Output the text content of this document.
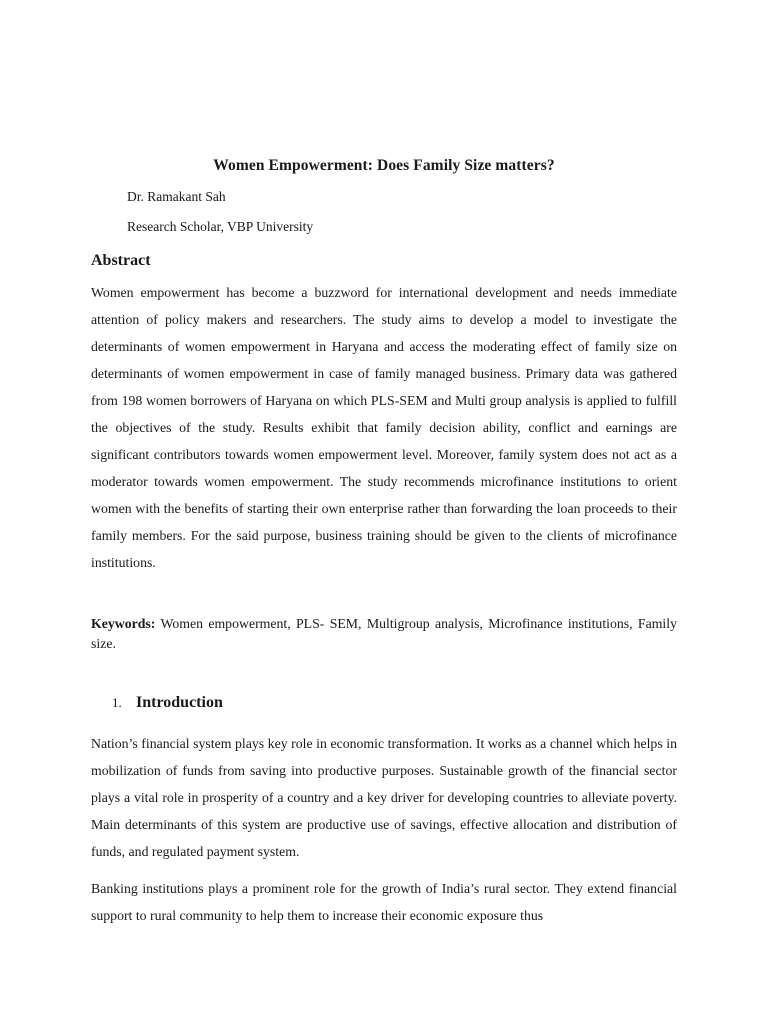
Women Empowerment: Does Family Size matters?
Dr. Ramakant Sah
Research Scholar, VBP University
Abstract

Women empowerment has become a buzzword for international development and needs immediate attention of policy makers and researchers. The study aims to develop a model to investigate the determinants of women empowerment in Haryana and access the moderating effect of family size on determinants of women empowerment in case of family managed business. Primary data was gathered from 198 women borrowers of Haryana on which PLS-SEM and Multi group analysis is applied to fulfill the objectives of the study. Results exhibit that family decision ability, conflict and earnings are significant contributors towards women empowerment level. Moreover, family system does not act as a moderator towards women empowerment. The study recommends microfinance institutions to orient women with the benefits of starting their own enterprise rather than forwarding the loan proceeds to their family members. For the said purpose, business training should be given to the clients of microfinance institutions.

Keywords: Women empowerment, PLS- SEM, Multigroup analysis, Microfinance institutions, Family size.

1. Introduction

Nation’s financial system plays key role in economic transformation. It works as a channel which helps in mobilization of funds from saving into productive purposes. Sustainable growth of the financial sector plays a vital role in prosperity of a country and a key driver for developing countries to alleviate poverty. Main determinants of this system are productive use of savings, effective allocation and distribution of funds, and regulated payment system.

Banking institutions plays a prominent role for the growth of India’s rural sector. They extend financial support to rural community to help them to increase their economic exposure thus
